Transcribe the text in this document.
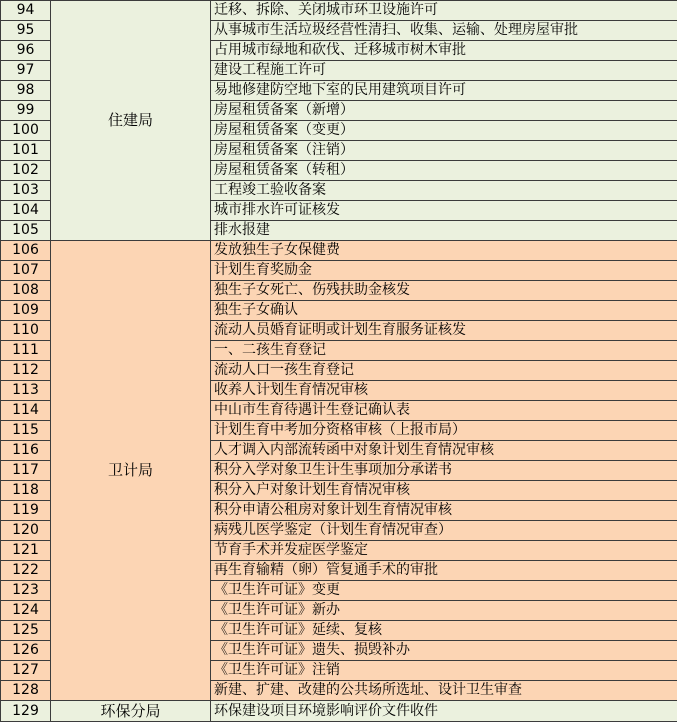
94	住建局	迁移、拆除、关闭城市环卫设施许可
95		从事城市生活垃圾经营性清扫、收集、运输、处理房屋审批
96		占用城市绿地和砍伐、迁移城市树木审批
97		建设工程施工许可
98		易地修建防空地下室的民用建筑项目许可
99		房屋租赁备案（新增）
100		房屋租赁备案（变更）
101		房屋租赁备案（注销）
102		房屋租赁备案（转租）
103		工程竣工验收备案
104		城市排水许可证核发
105		排水报建
106	卫计局	发放独生子女保健费
107		计划生育奖励金
108		独生子女死亡、伤残扶助金核发
109		独生子女确认
110		流动人员婚育证明或计划生育服务证核发
111		一、二孩生育登记
112		流动人口一孩生育登记
113		收养人计划生育情况审核
114		中山市生育待遇计生登记确认表
115		计划生育中考加分资格审核（上报市局）
116		人才调入内部流转函中对象计划生育情况审核
117		积分入学对象卫生计生事项加分承诺书
118		积分入户对象计划生育情况审核
119		积分申请公租房对象计划生育情况审核
120		病残儿医学鉴定（计划生育情况审查）
121		节育手术并发症医学鉴定
122		再生育输精（卵）管复通手术的审批
123		《卫生许可证》变更
124		《卫生许可证》新办
125		《卫生许可证》延续、复核
126		《卫生许可证》遗失、损毁补办
127		《卫生许可证》注销
128		新建、扩建、改建的公共场所选址、设计卫生审查
129	环保分局	环保建设项目环境影响评价文件收件
